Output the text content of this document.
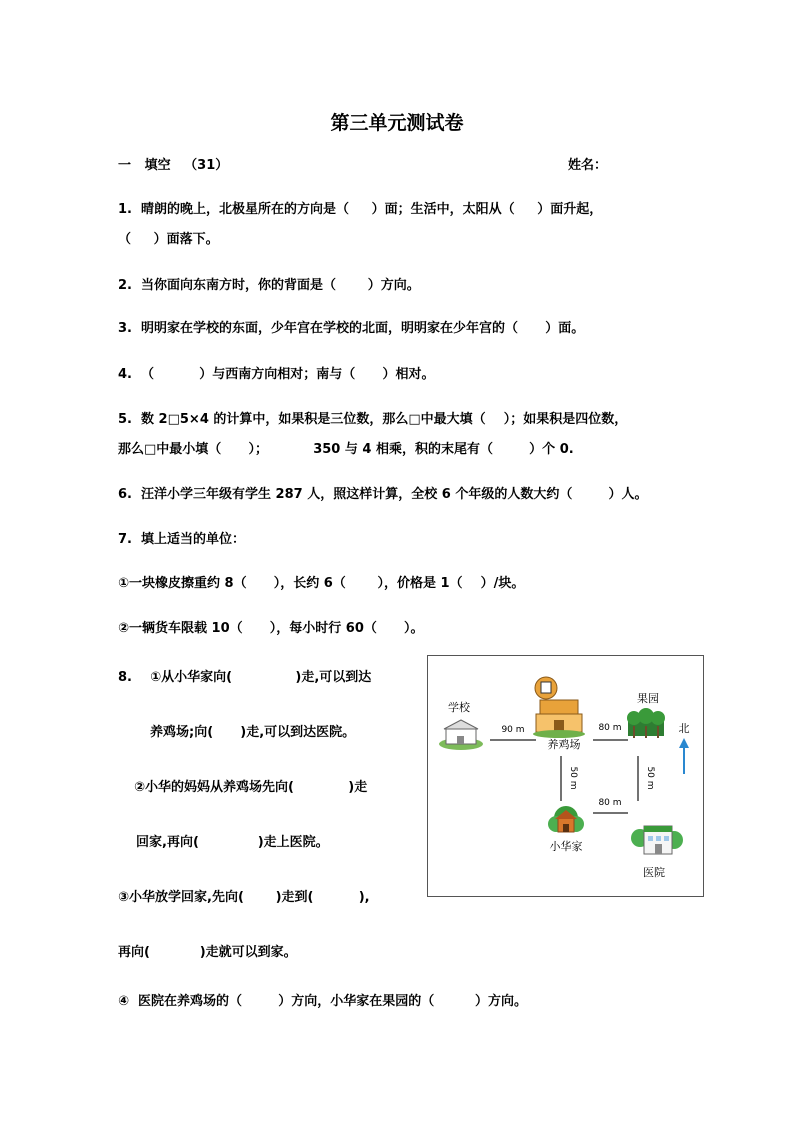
第三单元测试卷
一   填空   （31）	姓名：
1.  晴朗的晚上，北极星所在的方向是（     ）面；生活中，太阳从（     ）面升起，
（     ）面落下。
2.  当你面向东南方时，你的背面是（       ）方向。
3.  明明家在学校的东面，少年宫在学校的北面，明明家在少年宫的（      ）面。
4.  （          ）与西南方向相对；南与（      ）相对。
5.  数 2□5×4 的计算中，如果积是三位数，那么□中最大填（    ）；如果积是四位数，
那么□中最小填（      ）；          350 与 4 相乘，积的末尾有（        ）个 0.
6.  汪洋小学三年级有学生 287 人，照这样计算，全校 6 个年级的人数大约（        ）人。
7.  填上适当的单位：
①一块橡皮擦重约 8（      ），长约 6（       ），价格是 1（    ）/块。
②一辆货车限载 10（      ），每小时行 60（      ）。
8.    ①从小华家向(              )走,可以到达
养鸡场;向(      )走,可以到达医院。
②小华的妈妈从养鸡场先向(            )走
回家,再向(             )走上医院。
③小华放学回家,先向(       )走到(          ),
再向(           )走就可以到家。
④  医院在养鸡场的（        ）方向，小华家在果园的（         ）方向。
90 m	80 m
50 m
80 m
50 m
学校
养鸡场
果园
北
小华家
医院
